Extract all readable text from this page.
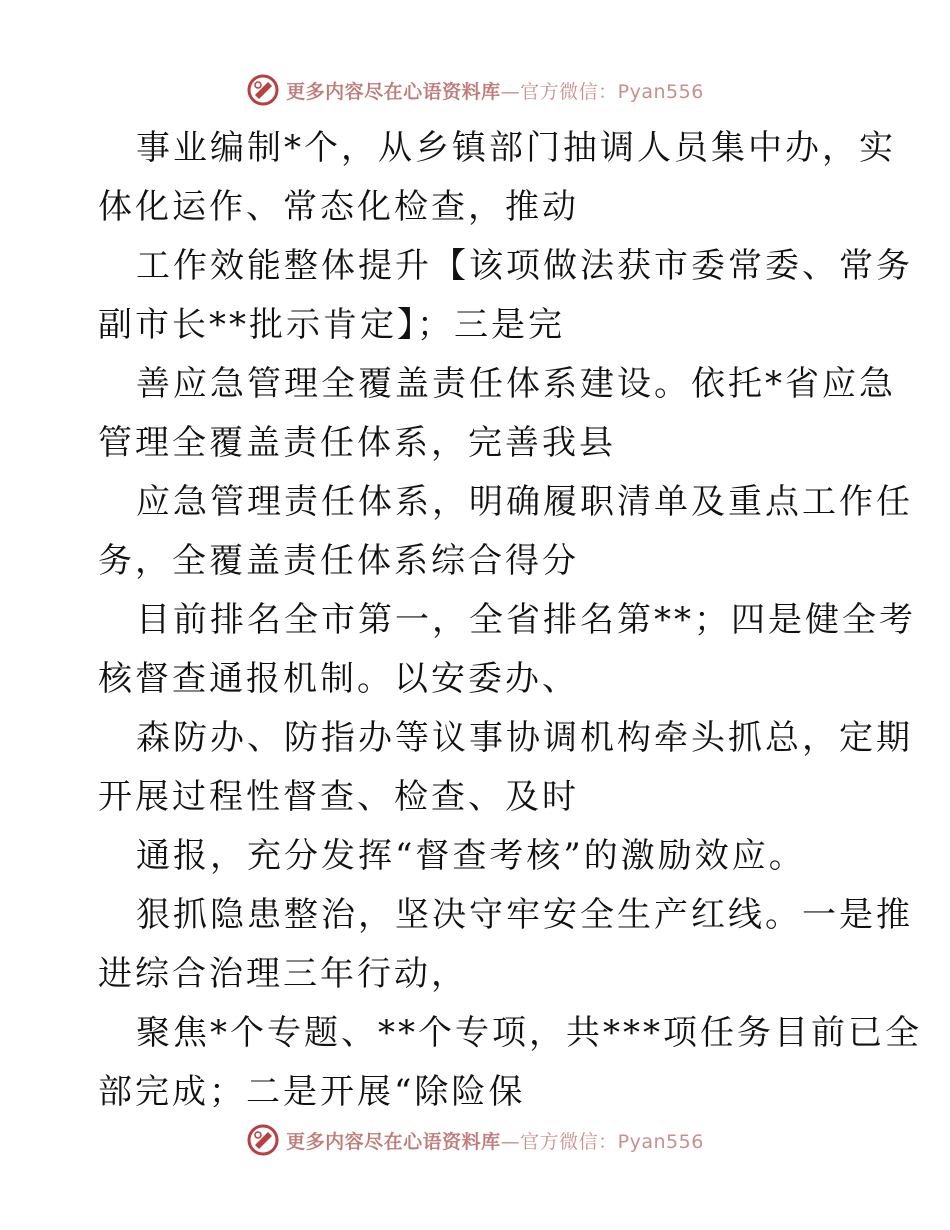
更多内容尽在心语资料库—官方微信：Pyan556

事业编制*个，从乡镇部门抽调人员集中办，实
体化运作、常态化检查，推动

工作效能整体提升【该项做法获市委常委、常务
副市长**批示肯定】；三是完

善应急管理全覆盖责任体系建设。依托*省应急
管理全覆盖责任体系，完善我县

应急管理责任体系，明确履职清单及重点工作任
务，全覆盖责任体系综合得分

目前排名全市第一，全省排名第**；四是健全考
核督查通报机制。以安委办、

森防办、防指办等议事协调机构牵头抓总，定期
开展过程性督查、检查、及时

通报，充分发挥“督查考核”的激励效应。

狠抓隐患整治，坚决守牢安全生产红线。一是推
进综合治理三年行动，

聚焦*个专题、**个专项，共***项任务目前已全
部完成；二是开展“除险保

更多内容尽在心语资料库—官方微信：Pyan556
